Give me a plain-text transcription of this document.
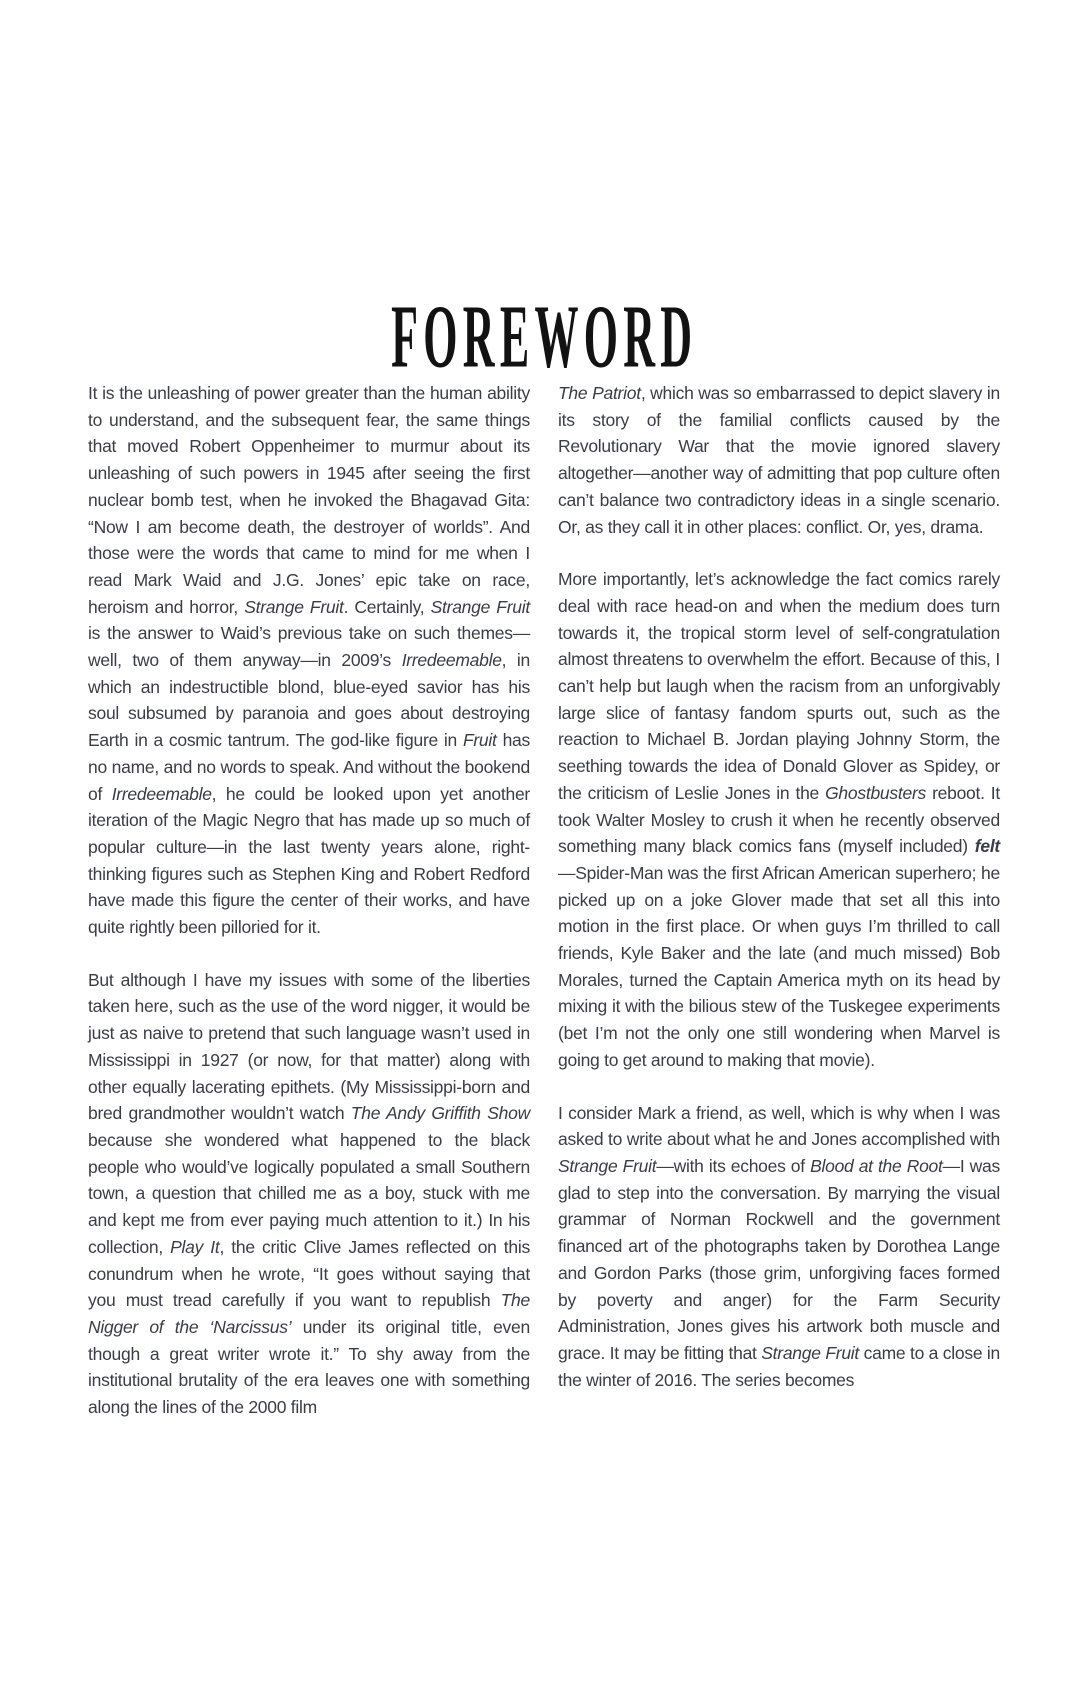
FOREWORD

It is the unleashing of power greater than the human ability to understand, and the subsequent fear, the same things that moved Robert Oppenheimer to murmur about its unleashing of such powers in 1945 after seeing the first nuclear bomb test, when he invoked the Bhagavad Gita: “Now I am become death, the destroyer of worlds”. And those were the words that came to mind for me when I read Mark Waid and J.G. Jones’ epic take on race, heroism and horror, Strange Fruit. Certainly, Strange Fruit is the answer to Waid’s previous take on such themes—well, two of them anyway—in 2009’s Irredeemable, in which an indestructible blond, blue-eyed savior has his soul subsumed by paranoia and goes about destroying Earth in a cosmic tantrum. The god-like figure in Fruit has no name, and no words to speak. And without the bookend of Irredeemable, he could be looked upon yet another iteration of the Magic Negro that has made up so much of popular culture—in the last twenty years alone, right-thinking figures such as Stephen King and Robert Redford have made this figure the center of their works, and have quite rightly been pilloried for it.

But although I have my issues with some of the liberties taken here, such as the use of the word nigger, it would be just as naive to pretend that such language wasn’t used in Mississippi in 1927 (or now, for that matter) along with other equally lacerating epithets. (My Mississippi-born and bred grandmother wouldn’t watch The Andy Griffith Show because she wondered what happened to the black people who would’ve logically populated a small Southern town, a question that chilled me as a boy, stuck with me and kept me from ever paying much attention to it.) In his collection, Play It, the critic Clive James reflected on this conundrum when he wrote, “It goes without saying that you must tread carefully if you want to republish The Nigger of the ‘Narcissus’ under its original title, even though a great writer wrote it.” To shy away from the institutional brutality of the era leaves one with something along the lines of the 2000 film

The Patriot, which was so embarrassed to depict slavery in its story of the familial conflicts caused by the Revolutionary War that the movie ignored slavery altogether—another way of admitting that pop culture often can’t balance two contradictory ideas in a single scenario. Or, as they call it in other places: conflict. Or, yes, drama.

More importantly, let’s acknowledge the fact comics rarely deal with race head-on and when the medium does turn towards it, the tropical storm level of self-congratulation almost threatens to overwhelm the effort. Because of this, I can’t help but laugh when the racism from an unforgivably large slice of fantasy fandom spurts out, such as the reaction to Michael B. Jordan playing Johnny Storm, the seething towards the idea of Donald Glover as Spidey, or the criticism of Leslie Jones in the Ghostbusters reboot. It took Walter Mosley to crush it when he recently observed something many black comics fans (myself included) felt—Spider-Man was the first African American superhero; he picked up on a joke Glover made that set all this into motion in the first place. Or when guys I’m thrilled to call friends, Kyle Baker and the late (and much missed) Bob Morales, turned the Captain America myth on its head by mixing it with the bilious stew of the Tuskegee experiments (bet I’m not the only one still wondering when Marvel is going to get around to making that movie).

I consider Mark a friend, as well, which is why when I was asked to write about what he and Jones accomplished with Strange Fruit—with its echoes of Blood at the Root—I was glad to step into the conversation. By marrying the visual grammar of Norman Rockwell and the government financed art of the photographs taken by Dorothea Lange and Gordon Parks (those grim, unforgiving faces formed by poverty and anger) for the Farm Security Administration, Jones gives his artwork both muscle and grace. It may be fitting that Strange Fruit came to a close in the winter of 2016. The series becomes
